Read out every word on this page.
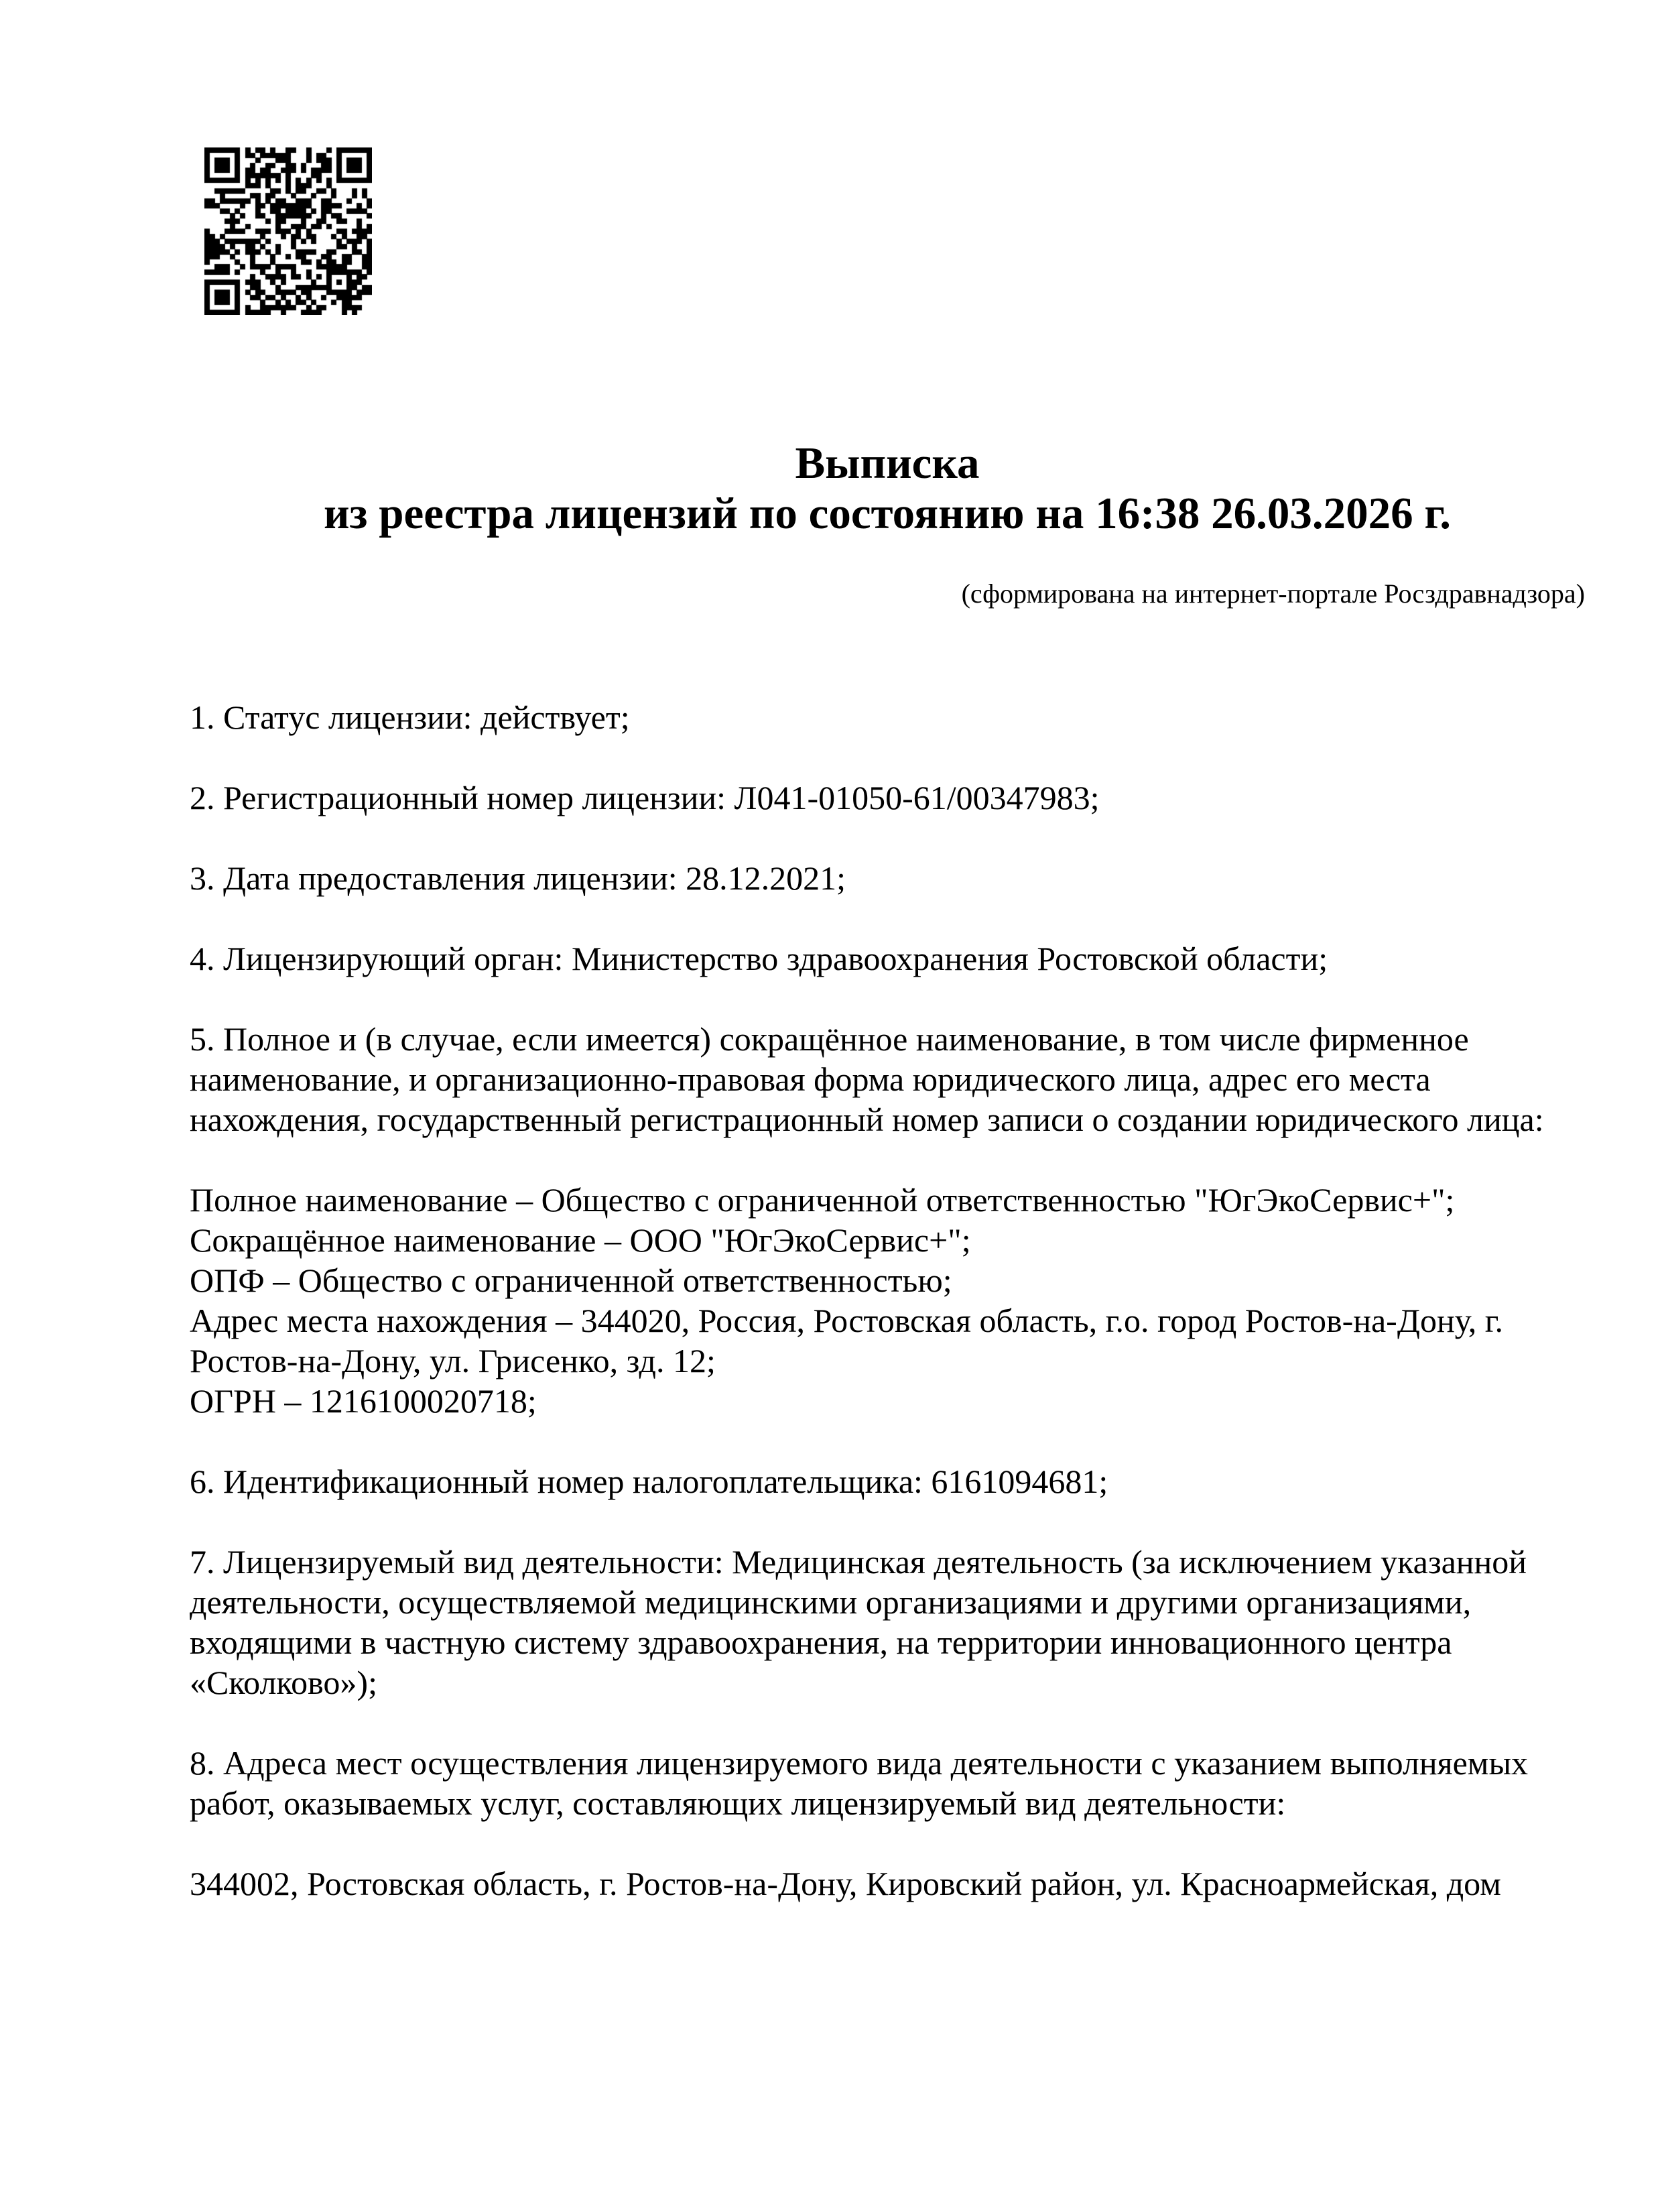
Выписка
из реестра лицензий по состоянию на 16:38 26.03.2026 г.
(сформирована на интернет-портале Росздравнадзора)

1. Статус лицензии: действует;

2. Регистрационный номер лицензии: Л041-01050-61/00347983;

3. Дата предоставления лицензии: 28.12.2021;

4. Лицензирующий орган: Министерство здравоохранения Ростовской области;

5. Полное и (в случае, если имеется) сокращённое наименование, в том числе фирменное наименование, и организационно-правовая форма юридического лица, адрес его места нахождения, государственный регистрационный номер записи о создании юридического лица:

Полное наименование – Общество с ограниченной ответственностью "ЮгЭкоСервис+";
Сокращённое наименование – ООО "ЮгЭкоСервис+";
ОПФ – Общество с ограниченной ответственностью;
Адрес места нахождения – 344020, Россия, Ростовская область, г.о. город Ростов-на-Дону, г. Ростов-на-Дону, ул. Грисенко, зд. 12;
ОГРН – 1216100020718;

6. Идентификационный номер налогоплательщика: 6161094681;

7. Лицензируемый вид деятельности: Медицинская деятельность (за исключением указанной деятельности, осуществляемой медицинскими организациями и другими организациями, входящими в частную систему здравоохранения, на территории инновационного центра «Сколково»);

8. Адреса мест осуществления лицензируемого вида деятельности с указанием выполняемых работ, оказываемых услуг, составляющих лицензируемый вид деятельности:

344002, Ростовская область, г. Ростов-на-Дону, Кировский район, ул. Красноармейская, дом
